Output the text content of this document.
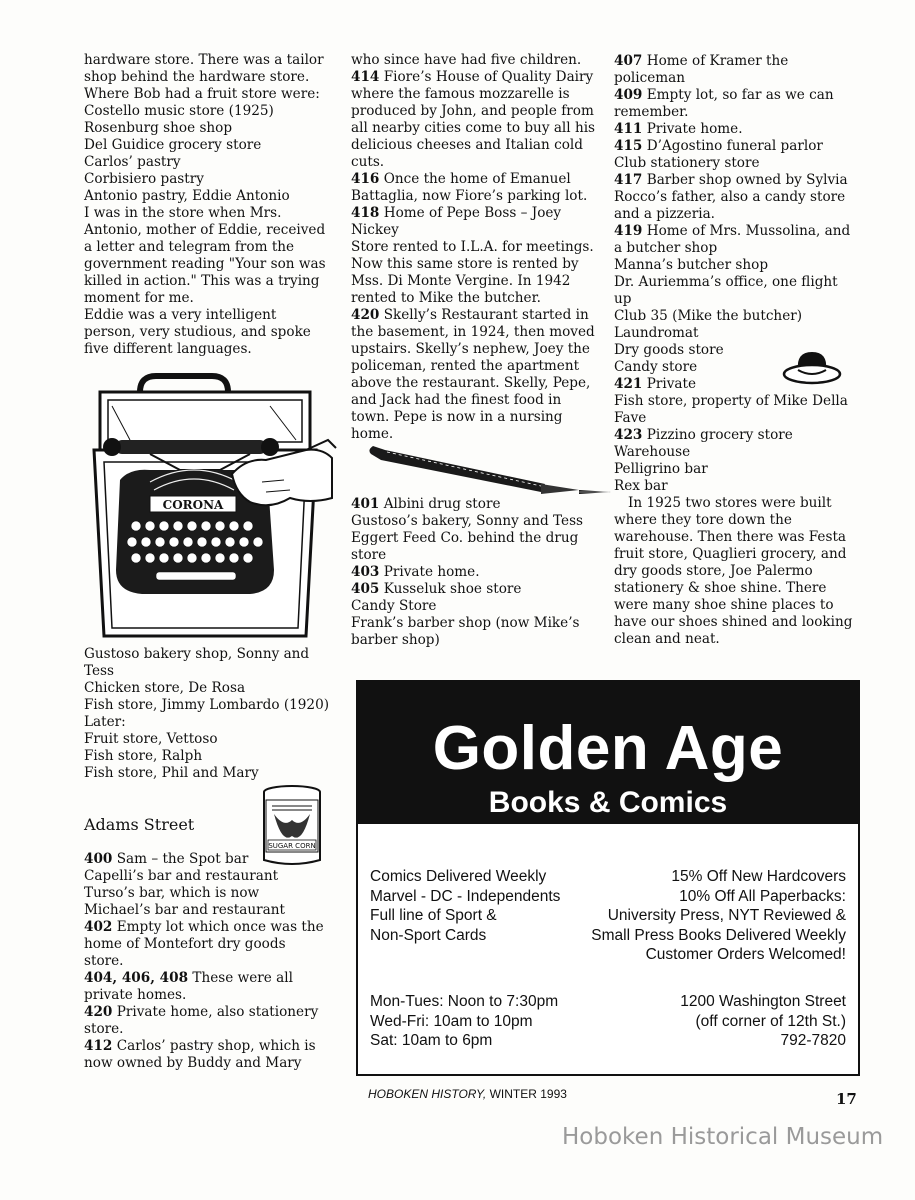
hardware store. There was a tailor

shop behind the hardware store.

Where Bob had a fruit store were:

Costello music store (1925)

Rosenburg shoe shop

Del Guidice grocery store

Carlos’ pastry

Corbisiero pastry

Antonio pastry, Eddie Antonio

I was in the store when Mrs.

Antonio, mother of Eddie, received

a letter and telegram from the

government reading "Your son was

killed in action." This was a trying

moment for me.

Eddie was a very intelligent

person, very studious, and spoke

five different languages.

CORONA

Gustoso bakery shop, Sonny and

Tess

Chicken store, De Rosa

Fish store, Jimmy Lombardo (1920)

Later:

Fruit store, Vettoso

Fish store, Ralph

Fish store, Phil and Mary

SUGAR CORN

Adams Street

400 Sam – the Spot bar

Capelli’s bar and restaurant

Turso’s bar, which is now

Michael’s bar and restaurant

402 Empty lot which once was the

home of Montefort dry goods store.

404, 406, 408 These were all

private homes.

420 Private home, also stationery

store.

412 Carlos’ pastry shop, which is

now owned by Buddy and Mary

who since have had five children.

414 Fiore’s House of Quality Dairy

where the famous mozzarelle is

produced by John, and people from

all nearby cities come to buy all his

delicious cheeses and Italian cold

cuts.

416 Once the home of Emanuel

Battaglia, now Fiore’s parking lot.

418 Home of Pepe Boss – Joey

Nickey

Store rented to I.L.A. for meetings.

Now this same store is rented by

Mss. Di Monte Vergine. In 1942

rented to Mike the butcher.

420 Skelly’s Restaurant started in

the basement, in 1924, then moved

upstairs. Skelly’s nephew, Joey the

policeman, rented the apartment

above the restaurant. Skelly, Pepe,

and Jack had the finest food in

town. Pepe is now in a nursing

home.

401 Albini drug store

Gustoso’s bakery, Sonny and Tess

Eggert Feed Co. behind the drug

store

403 Private home.

405 Kusseluk shoe store

Candy Store

Frank’s barber shop (now Mike’s

barber shop)

407 Home of Kramer the

policeman

409 Empty lot, so far as we can

remember.

411 Private home.

415 D’Agostino funeral parlor

Club stationery store

417 Barber shop owned by Sylvia

Rocco’s father, also a candy store

and a pizzeria.

419 Home of Mrs. Mussolina, and

a butcher shop

Manna’s butcher shop

Dr. Auriemma’s office, one flight

up

Club 35 (Mike the butcher)

Laundromat

Dry goods store

Candy store

421 Private

Fish store, property of Mike Della

Fave

423 Pizzino grocery store

Warehouse

Pelligrino bar

Rex bar

In 1925 two stores were built

where they tore down the

warehouse. Then there was Festa

fruit store, Quaglieri grocery, and

dry goods store, Joe Palermo

stationery & shoe shine. There

were many shoe shine places to

have our shoes shined and looking

clean and neat.

Golden Age
Books & Comics
Comics Delivered Weekly
Marvel - DC - Independents
Full line of Sport &
Non-Sport Cards
15% Off New Hardcovers
10% Off All Paperbacks:
University Press, NYT Reviewed &
Small Press Books Delivered Weekly
Customer Orders Welcomed!
Mon-Tues: Noon to 7:30pm
Wed-Fri: 10am to 10pm
Sat: 10am to 6pm
1200 Washington Street
(off corner of 12th St.)
792-7820
HOBOKEN HISTORY, WINTER 1993	17
Hoboken Historical Museum
